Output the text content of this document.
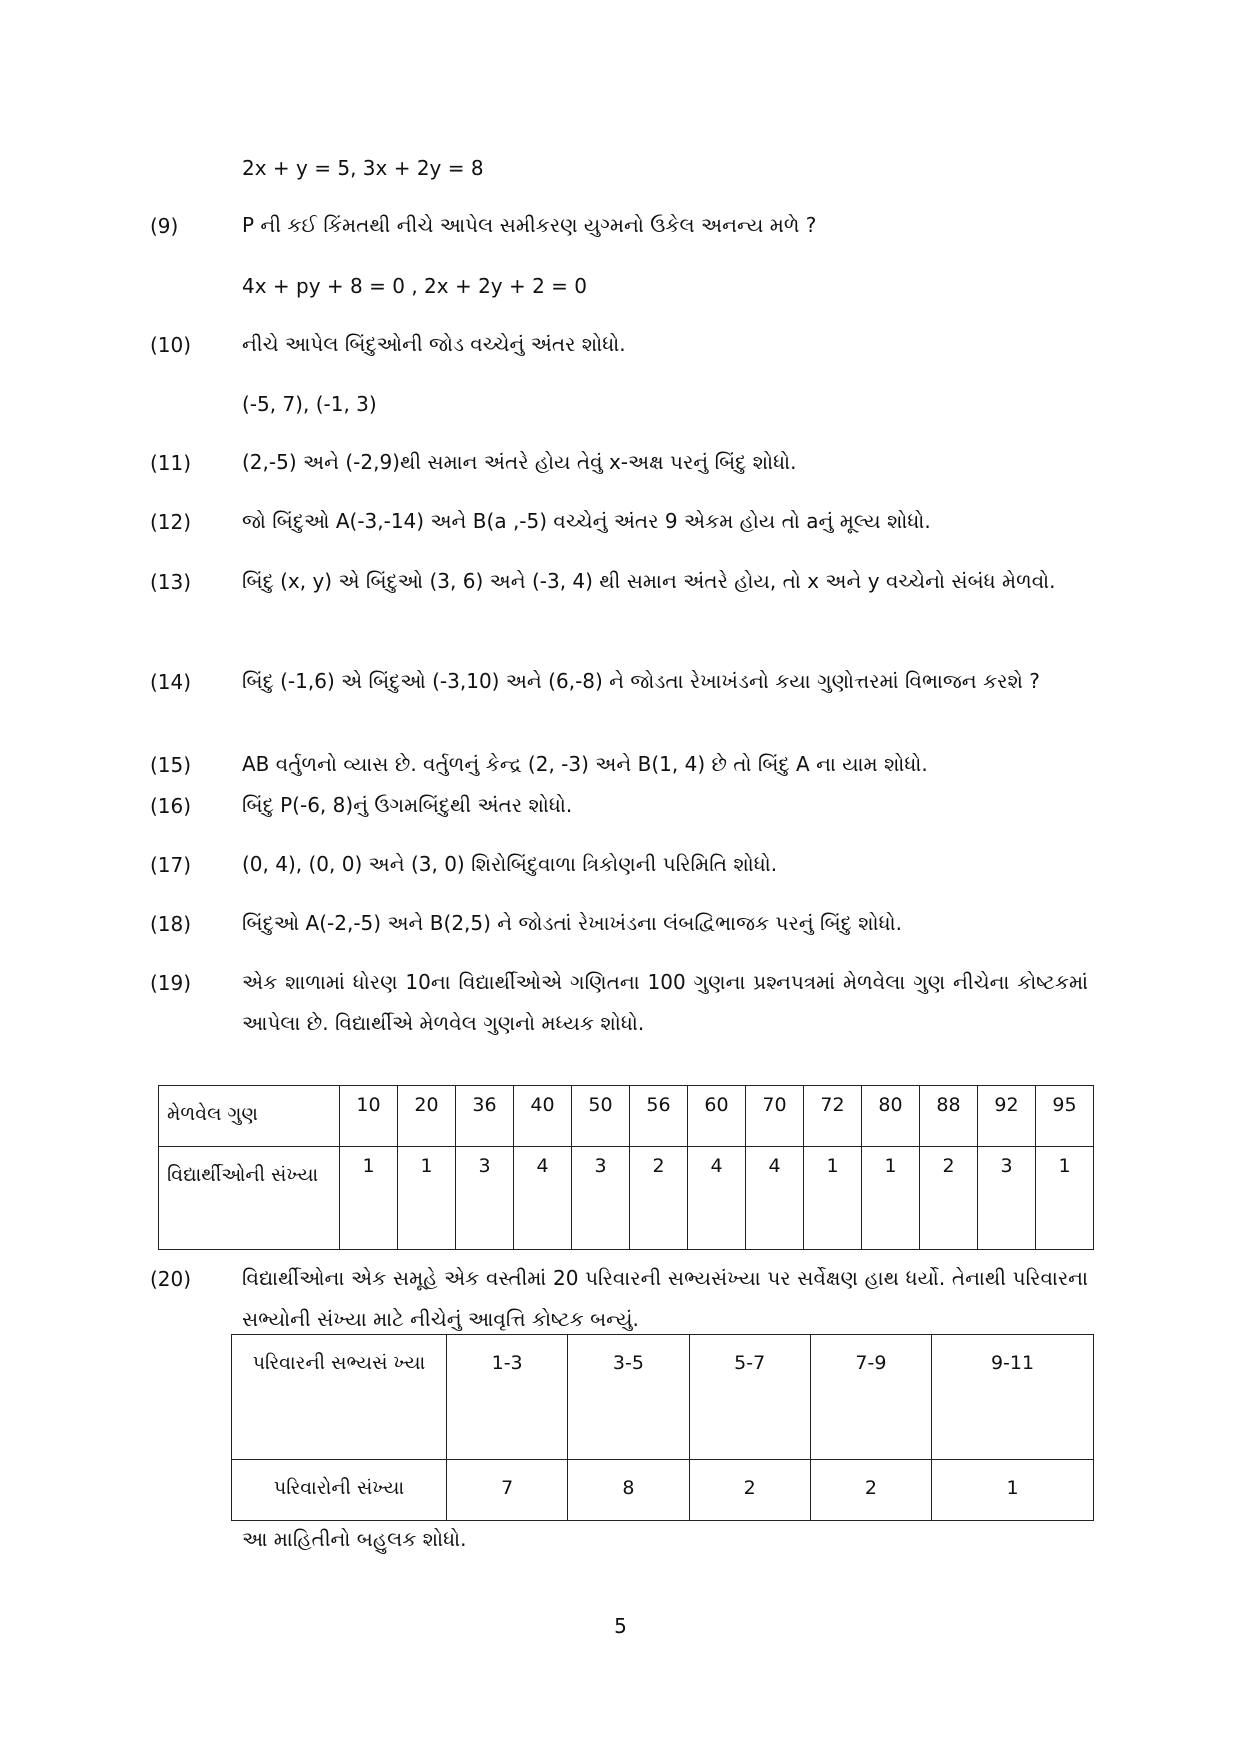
2x + y = 5, 3x + 2y = 8
(9)	P ની કઈ કિંમતથી નીચે આપેલ સમીકરણ યુગ્મનો ઉકેલ અનન્ય મળે ?
4x + py + 8 = 0 , 2x + 2y + 2 = 0
(10)	નીચે આપેલ બિંદુઓની જોડ વચ્ચેનું અંતર શોધો.
(-5, 7), (-1, 3)
(11)	(2,-5) અને (-2,9)થી સમાન અંતરે હોય તેવું x-અક્ષ પરનું બિંદુ શોધો.
(12)	જો બિંદુઓ A(-3,-14) અને B(a ,-5) વચ્ચેનું અંતર 9 એકમ હોય તો aનું મૂલ્ય શોધો.
(13)	બિંદુ (x, y) એ બિંદુઓ (3, 6) અને (-3, 4) થી સમાન અંતરે હોય, તો x અને y વચ્ચેનો સંબંધ મેળવો.
(14)	બિંદુ (-1,6) એ બિંદુઓ (-3,10) અને (6,-8) ને જોડતા રેખાખંડનો કયા ગુણોત્તરમાં વિભાજન કરશે ?
(15)	AB વર્તુળનો વ્યાસ છે. વર્તુળનું કેન્દ્ર (2, -3) અને B(1, 4) છે તો બિંદુ A ના યામ શોધો.
(16)	બિંદુ P(-6, 8)નું ઉગમબિંદુથી અંતર શોધો.
(17)	(0, 4), (0, 0) અને (3, 0) શિરોબિંદુવાળા ત્રિકોણની પરિમિતિ શોધો.
(18)	બિંદુઓ A(-2,-5) અને B(2,5) ને જોડતાં રેખાખંડના લંબદ્વિભાજક પરનું બિંદુ શોધો.
(19)	એક શાળામાં ધોરણ 10ના વિદ્યાર્થીઓએ ગણિતના 100 ગુણના પ્રશ્નપત્રમાં મેળવેલા ગુણ નીચેના કોષ્ટકમાં આપેલા છે. વિદ્યાર્થીએ મેળવેલ ગુણનો મધ્યક શોધો.
મેળવેલ ગુણ	10	20	36	40	50	56	60	70	72	80	88	92	95
વિદ્યાર્થીઓની સંખ્યા	1	1	3	4	3	2	4	4	1	1	2	3	1
(20)	વિદ્યાર્થીઓના એક સમૂહે એક વસ્તીમાં 20 પરિવારની સભ્યસંખ્યા પર સર્વેક્ષણ હાથ ધર્યો. તેનાથી પરિવારના સભ્યોની સંખ્યા માટે નીચેનું આવૃત્તિ કોષ્ટક બન્યું.
પરિવારની સભ્યસં ખ્યા	1-3	3-5	5-7	7-9	9-11
પરિવારોની સંખ્યા	7	8	2	2	1
આ માહિતીનો બહુલક શોધો.
5
